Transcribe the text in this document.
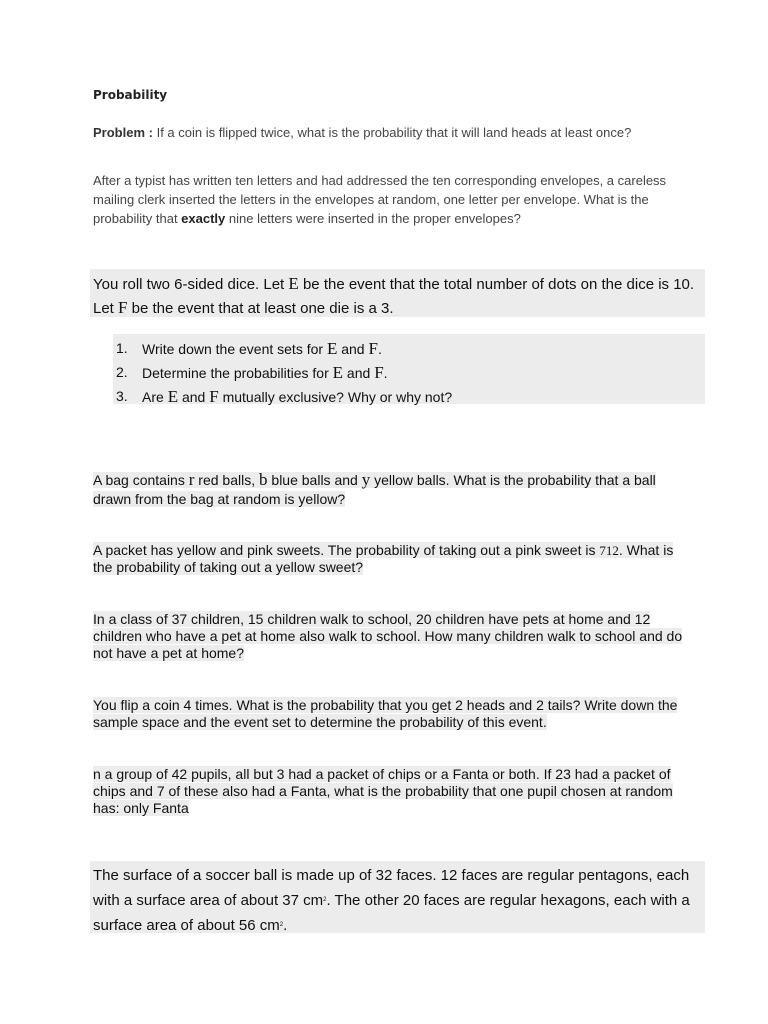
Probability
Problem : If a coin is flipped twice, what is the probability that it will land heads at least once?
After a typist has written ten letters and had addressed the ten corresponding envelopes, a careless mailing clerk inserted the letters in the envelopes at random, one letter per envelope. What is the probability that exactly nine letters were inserted in the proper envelopes?
You roll two 6-sided dice. Let E be the event that the total number of dots on the dice is 10. Let F be the event that at least one die is a 3.
1.	Write down the event sets for E and F.
2.	Determine the probabilities for E and F.
3.	Are E and F mutually exclusive? Why or why not?
A bag contains r red balls, b blue balls and y yellow balls. What is the probability that a ball drawn from the bag at random is yellow?
A packet has yellow and pink sweets. The probability of taking out a pink sweet is 712. What is the probability of taking out a yellow sweet?
In a class of 37 children, 15 children walk to school, 20 children have pets at home and 12 children who have a pet at home also walk to school. How many children walk to school and do not have a pet at home?
You flip a coin 4 times. What is the probability that you get 2 heads and 2 tails? Write down the sample space and the event set to determine the probability of this event.
n a group of 42 pupils, all but 3 had a packet of chips or a Fanta or both. If 23 had a packet of chips and 7 of these also had a Fanta, what is the probability that one pupil chosen at random has: only Fanta
The surface of a soccer ball is made up of 32 faces. 12 faces are regular pentagons, each with a surface area of about 37 $cm^2$. The other 20 faces are regular hexagons, each with a surface area of about 56 $cm^2$.
